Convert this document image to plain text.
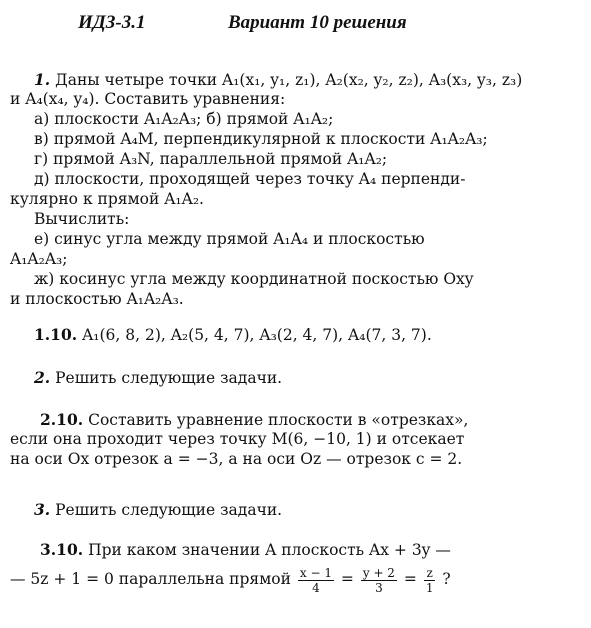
ИДЗ-3.1	Вариант 10 решения
1. Даны четыре точки A₁(x₁, y₁, z₁), A₂(x₂, y₂, z₂), A₃(x₃, y₃, z₃)
и A₄(x₄, y₄). Составить уравнения:
а) плоскости A₁A₂A₃; б) прямой A₁A₂;
в) прямой A₄M, перпендикулярной к плоскости A₁A₂A₃;
г) прямой A₃N, параллельной прямой A₁A₂;
д) плоскости, проходящей через точку A₄ перпенди-
кулярно к прямой A₁A₂.
Вычислить:
е) синус угла между прямой A₁A₄ и плоскостью
A₁A₂A₃;
ж) косинус угла между координатной поскостью Oxy
и плоскостью A₁A₂A₃.
1.10. A₁(6, 8, 2), A₂(5, 4, 7), A₃(2, 4, 7), A₄(7, 3, 7).
2. Решить следующие задачи.
2.10. Составить уравнение плоскости в «отрезках»,
если она проходит через точку M(6, −10, 1) и отсекает
на оси Ox отрезок a = −3, а на оси Oz — отрезок c = 2.
3. Решить следующие задачи.
3.10. При каком значении A плоскость Ax + 3y —
— 5z + 1 = 0 параллельна прямой $\frac{x - 1}{4} = \frac{y + 2}{3} = \frac{z}{1}$ ?
